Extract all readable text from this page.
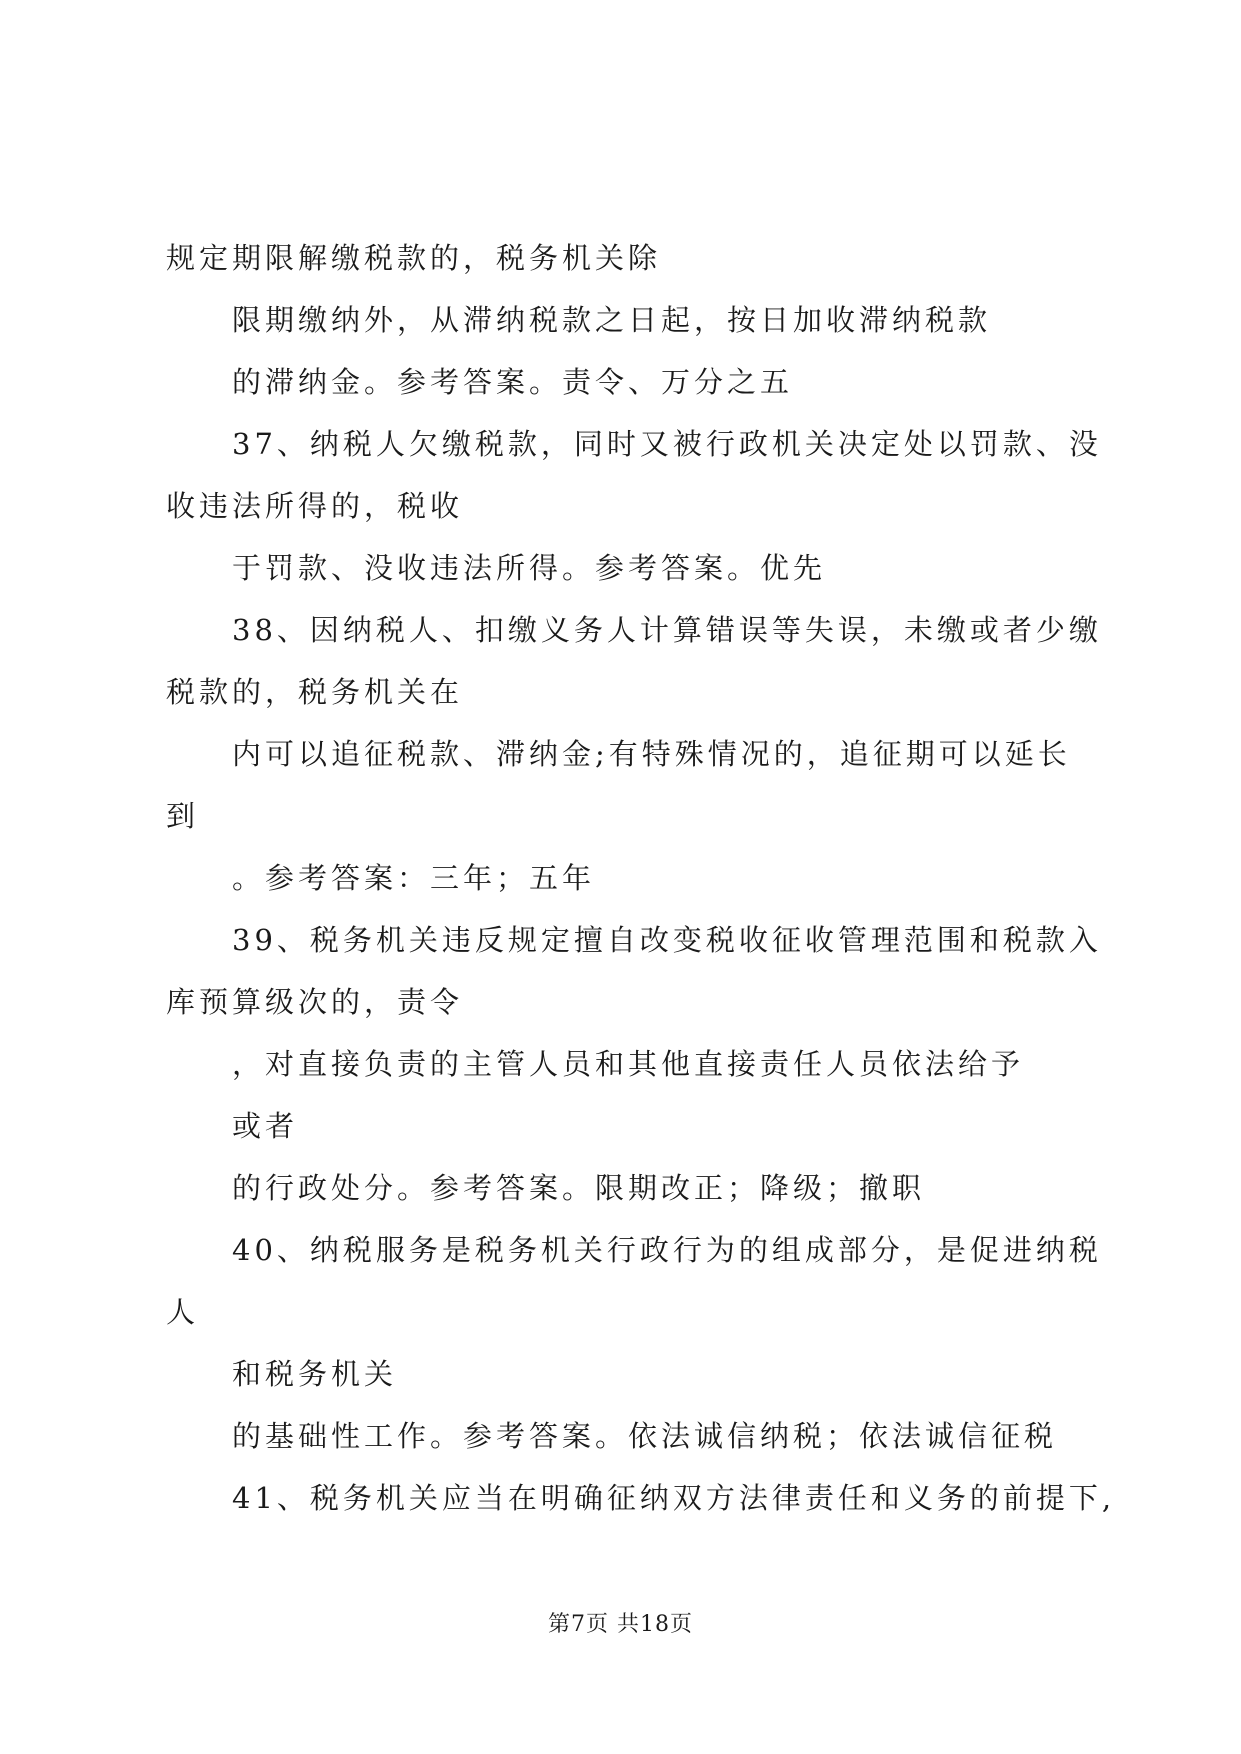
规定期限解缴税款的，税务机关除
限期缴纳外，从滞纳税款之日起，按日加收滞纳税款
的滞纳金。参考答案。责令、万分之五
37、纳税人欠缴税款，同时又被行政机关决定处以罚款、没
收违法所得的，税收
于罚款、没收违法所得。参考答案。优先
38、因纳税人、扣缴义务人计算错误等失误，未缴或者少缴
税款的，税务机关在
内可以追征税款、滞纳金;有特殊情况的，追征期可以延长
到
。参考答案：三年；五年
39、税务机关违反规定擅自改变税收征收管理范围和税款入
库预算级次的，责令
，对直接负责的主管人员和其他直接责任人员依法给予
或者
的行政处分。参考答案。限期改正；降级；撤职
40、纳税服务是税务机关行政行为的组成部分，是促进纳税
人
和税务机关
的基础性工作。参考答案。依法诚信纳税；依法诚信征税
41、税务机关应当在明确征纳双方法律责任和义务的前提下,
第7页 共18页
